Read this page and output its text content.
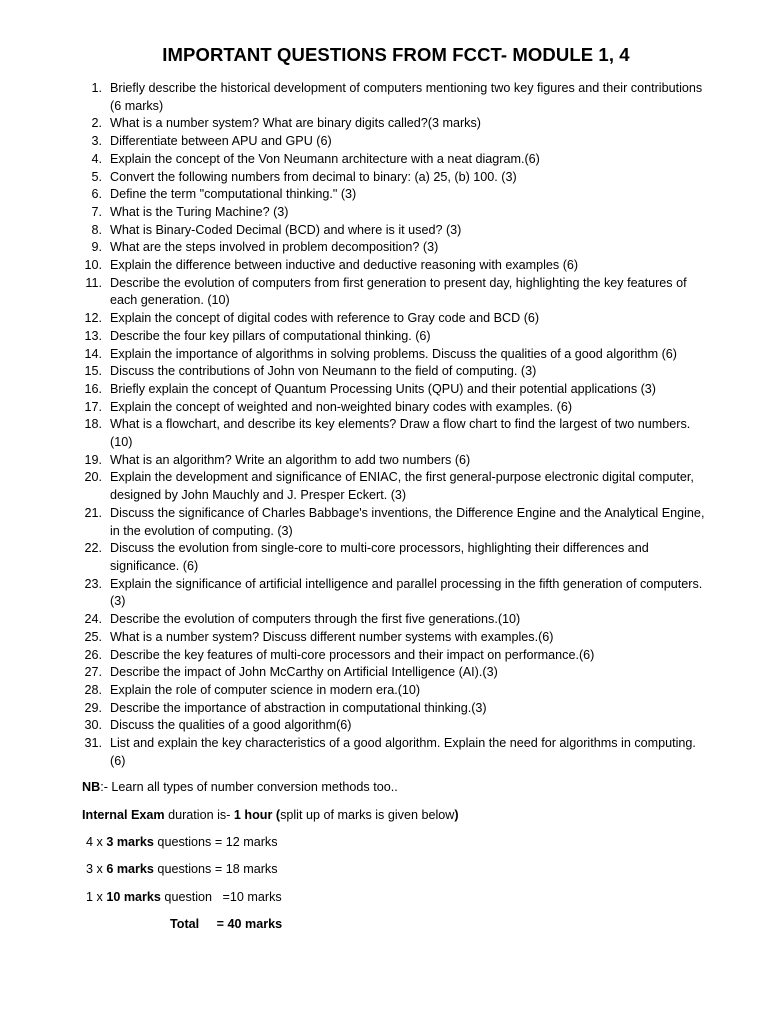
IMPORTANT QUESTIONS FROM FCCT- MODULE 1, 4
1. Briefly describe the historical development of computers mentioning two key figures and their contributions (6 marks)
2. What is a number system? What are binary digits called?(3 marks)
3. Differentiate between APU and GPU (6)
4. Explain the concept of the Von Neumann architecture with a neat diagram.(6)
5. Convert the following numbers from decimal to binary: (a) 25, (b) 100. (3)
6. Define the term "computational thinking." (3)
7. What is the Turing Machine? (3)
8. What is Binary-Coded Decimal (BCD) and where is it used? (3)
9. What are the steps involved in problem decomposition? (3)
10. Explain the difference between inductive and deductive reasoning with examples (6)
11. Describe the evolution of computers from first generation to present day, highlighting the key features of each generation. (10)
12. Explain the concept of digital codes with reference to Gray code and BCD (6)
13. Describe the four key pillars of computational thinking. (6)
14. Explain the importance of algorithms in solving problems. Discuss the qualities of a good algorithm (6)
15. Discuss the contributions of John von Neumann to the field of computing. (3)
16. Briefly explain the concept of Quantum Processing Units (QPU) and their potential applications (3)
17. Explain the concept of weighted and non-weighted binary codes with examples. (6)
18. What is a flowchart, and describe its key elements? Draw a flow chart to find the largest of two numbers. (10)
19. What is an algorithm? Write an algorithm to add two numbers (6)
20. Explain the development and significance of ENIAC, the first general-purpose electronic digital computer, designed by John Mauchly and J. Presper Eckert. (3)
21. Discuss the significance of Charles Babbage's inventions, the Difference Engine and the Analytical Engine, in the evolution of computing. (3)
22. Discuss the evolution from single-core to multi-core processors, highlighting their differences and significance. (6)
23. Explain the significance of artificial intelligence and parallel processing in the fifth generation of computers. (3)
24. Describe the evolution of computers through the first five generations.(10)
25. What is a number system? Discuss different number systems with examples.(6)
26. Describe the key features of multi-core processors and their impact on performance.(6)
27. Describe the impact of John McCarthy on Artificial Intelligence (AI).(3)
28. Explain the role of computer science in modern era.(10)
29. Describe the importance of abstraction in computational thinking.(3)
30. Discuss the qualities of a good algorithm(6)
31. List and explain the key characteristics of a good algorithm. Explain the need for algorithms in computing. (6)

NB:- Learn all types of number conversion methods too..

Internal Exam duration is- 1 hour (split up of marks is given below)

4 x 3 marks questions = 12 marks

3 x 6 marks questions = 18 marks

1 x 10 marks question   =10 marks

Total = 40 marks
